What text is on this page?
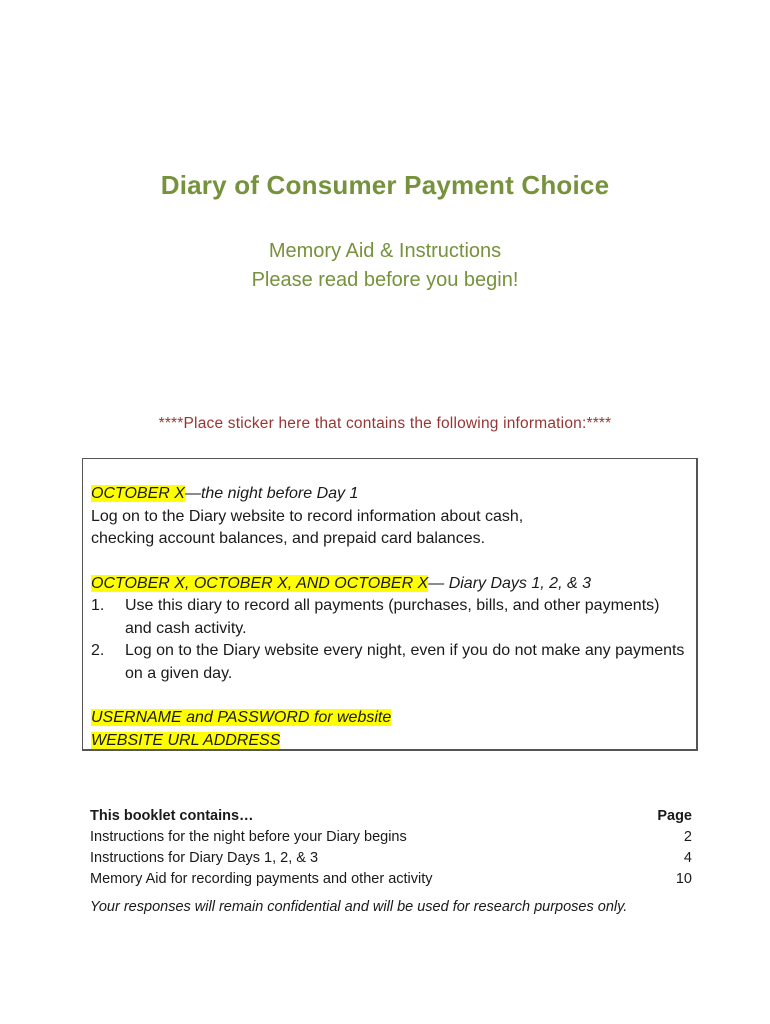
Diary of Consumer Payment Choice
Memory Aid & Instructions
Please read before you begin!
****Place sticker here that contains the following information:****
OCTOBER X—the night before Day 1
Log on to the Diary website to record information about cash,
checking account balances, and prepaid card balances.
OCTOBER X, OCTOBER X, AND OCTOBER X— Diary Days 1, 2, & 3
1. Use this diary to record all payments (purchases, bills, and other payments) and cash activity.
2. Log on to the Diary website every night, even if you do not make any payments on a given day.
USERNAME and PASSWORD for website
WEBSITE URL ADDRESS
This booklet contains…	Page
Instructions for the night before your Diary begins	2
Instructions for Diary Days 1, 2, & 3	4
Memory Aid for recording payments and other activity	10
Your responses will remain confidential and will be used for research purposes only.
